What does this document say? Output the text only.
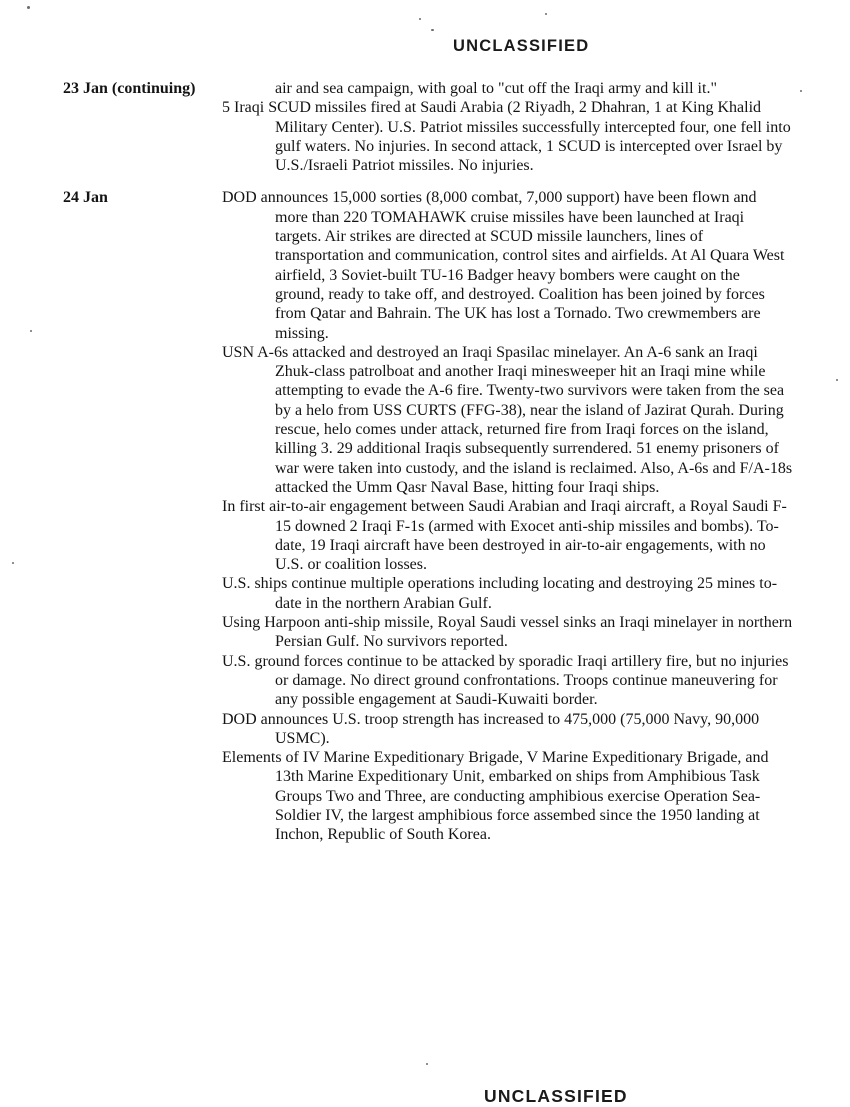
UNCLASSIFIED
23 Jan (continuing)	air and sea campaign, with goal to "cut off the Iraqi army and kill it."

5 Iraqi SCUD missiles fired at Saudi Arabia (2 Riyadh, 2 Dhahran, 1 at King Khalid Military Center). U.S. Patriot missiles successfully intercepted four, one fell into gulf waters. No injuries. In second attack, 1 SCUD is intercepted over Israel by U.S./Israeli Patriot missiles. No injuries.

24 Jan	DOD announces 15,000 sorties (8,000 combat, 7,000 support) have been flown and more than 220 TOMAHAWK cruise missiles have been launched at Iraqi targets. Air strikes are directed at SCUD missile launchers, lines of transportation and communication, control sites and airfields. At Al Quara West airfield, 3 Soviet-built TU-16 Badger heavy bombers were caught on the ground, ready to take off, and destroyed. Coalition has been joined by forces from Qatar and Bahrain. The UK has lost a Tornado. Two crewmembers are missing.

USN A-6s attacked and destroyed an Iraqi Spasilac minelayer. An A-6 sank an Iraqi Zhuk-class patrolboat and another Iraqi minesweeper hit an Iraqi mine while attempting to evade the A-6 fire. Twenty-two survivors were taken from the sea by a helo from USS CURTS (FFG-38), near the island of Jazirat Qurah. During rescue, helo comes under attack, returned fire from Iraqi forces on the island, killing 3. 29 additional Iraqis subsequently surrendered. 51 enemy prisoners of war were taken into custody, and the island is reclaimed. Also, A-6s and F/A-18s attacked the Umm Qasr Naval Base, hitting four Iraqi ships.

In first air-to-air engagement between Saudi Arabian and Iraqi aircraft, a Royal Saudi F-15 downed 2 Iraqi F-1s (armed with Exocet anti-ship missiles and bombs). To-date, 19 Iraqi aircraft have been destroyed in air-to-air engagements, with no U.S. or coalition losses.

U.S. ships continue multiple operations including locating and destroying 25 mines to-date in the northern Arabian Gulf.

Using Harpoon anti-ship missile, Royal Saudi vessel sinks an Iraqi minelayer in northern Persian Gulf. No survivors reported.

U.S. ground forces continue to be attacked by sporadic Iraqi artillery fire, but no injuries or damage. No direct ground confrontations. Troops continue maneuvering for any possible engagement at Saudi-Kuwaiti border.

DOD announces U.S. troop strength has increased to 475,000 (75,000 Navy, 90,000 USMC).

Elements of IV Marine Expeditionary Brigade, V Marine Expeditionary Brigade, and 13th Marine Expeditionary Unit, embarked on ships from Amphibious Task Groups Two and Three, are conducting amphibious exercise Operation Sea-Soldier IV, the largest amphibious force assembed since the 1950 landing at Inchon, Republic of South Korea.

UNCLASSIFIED
